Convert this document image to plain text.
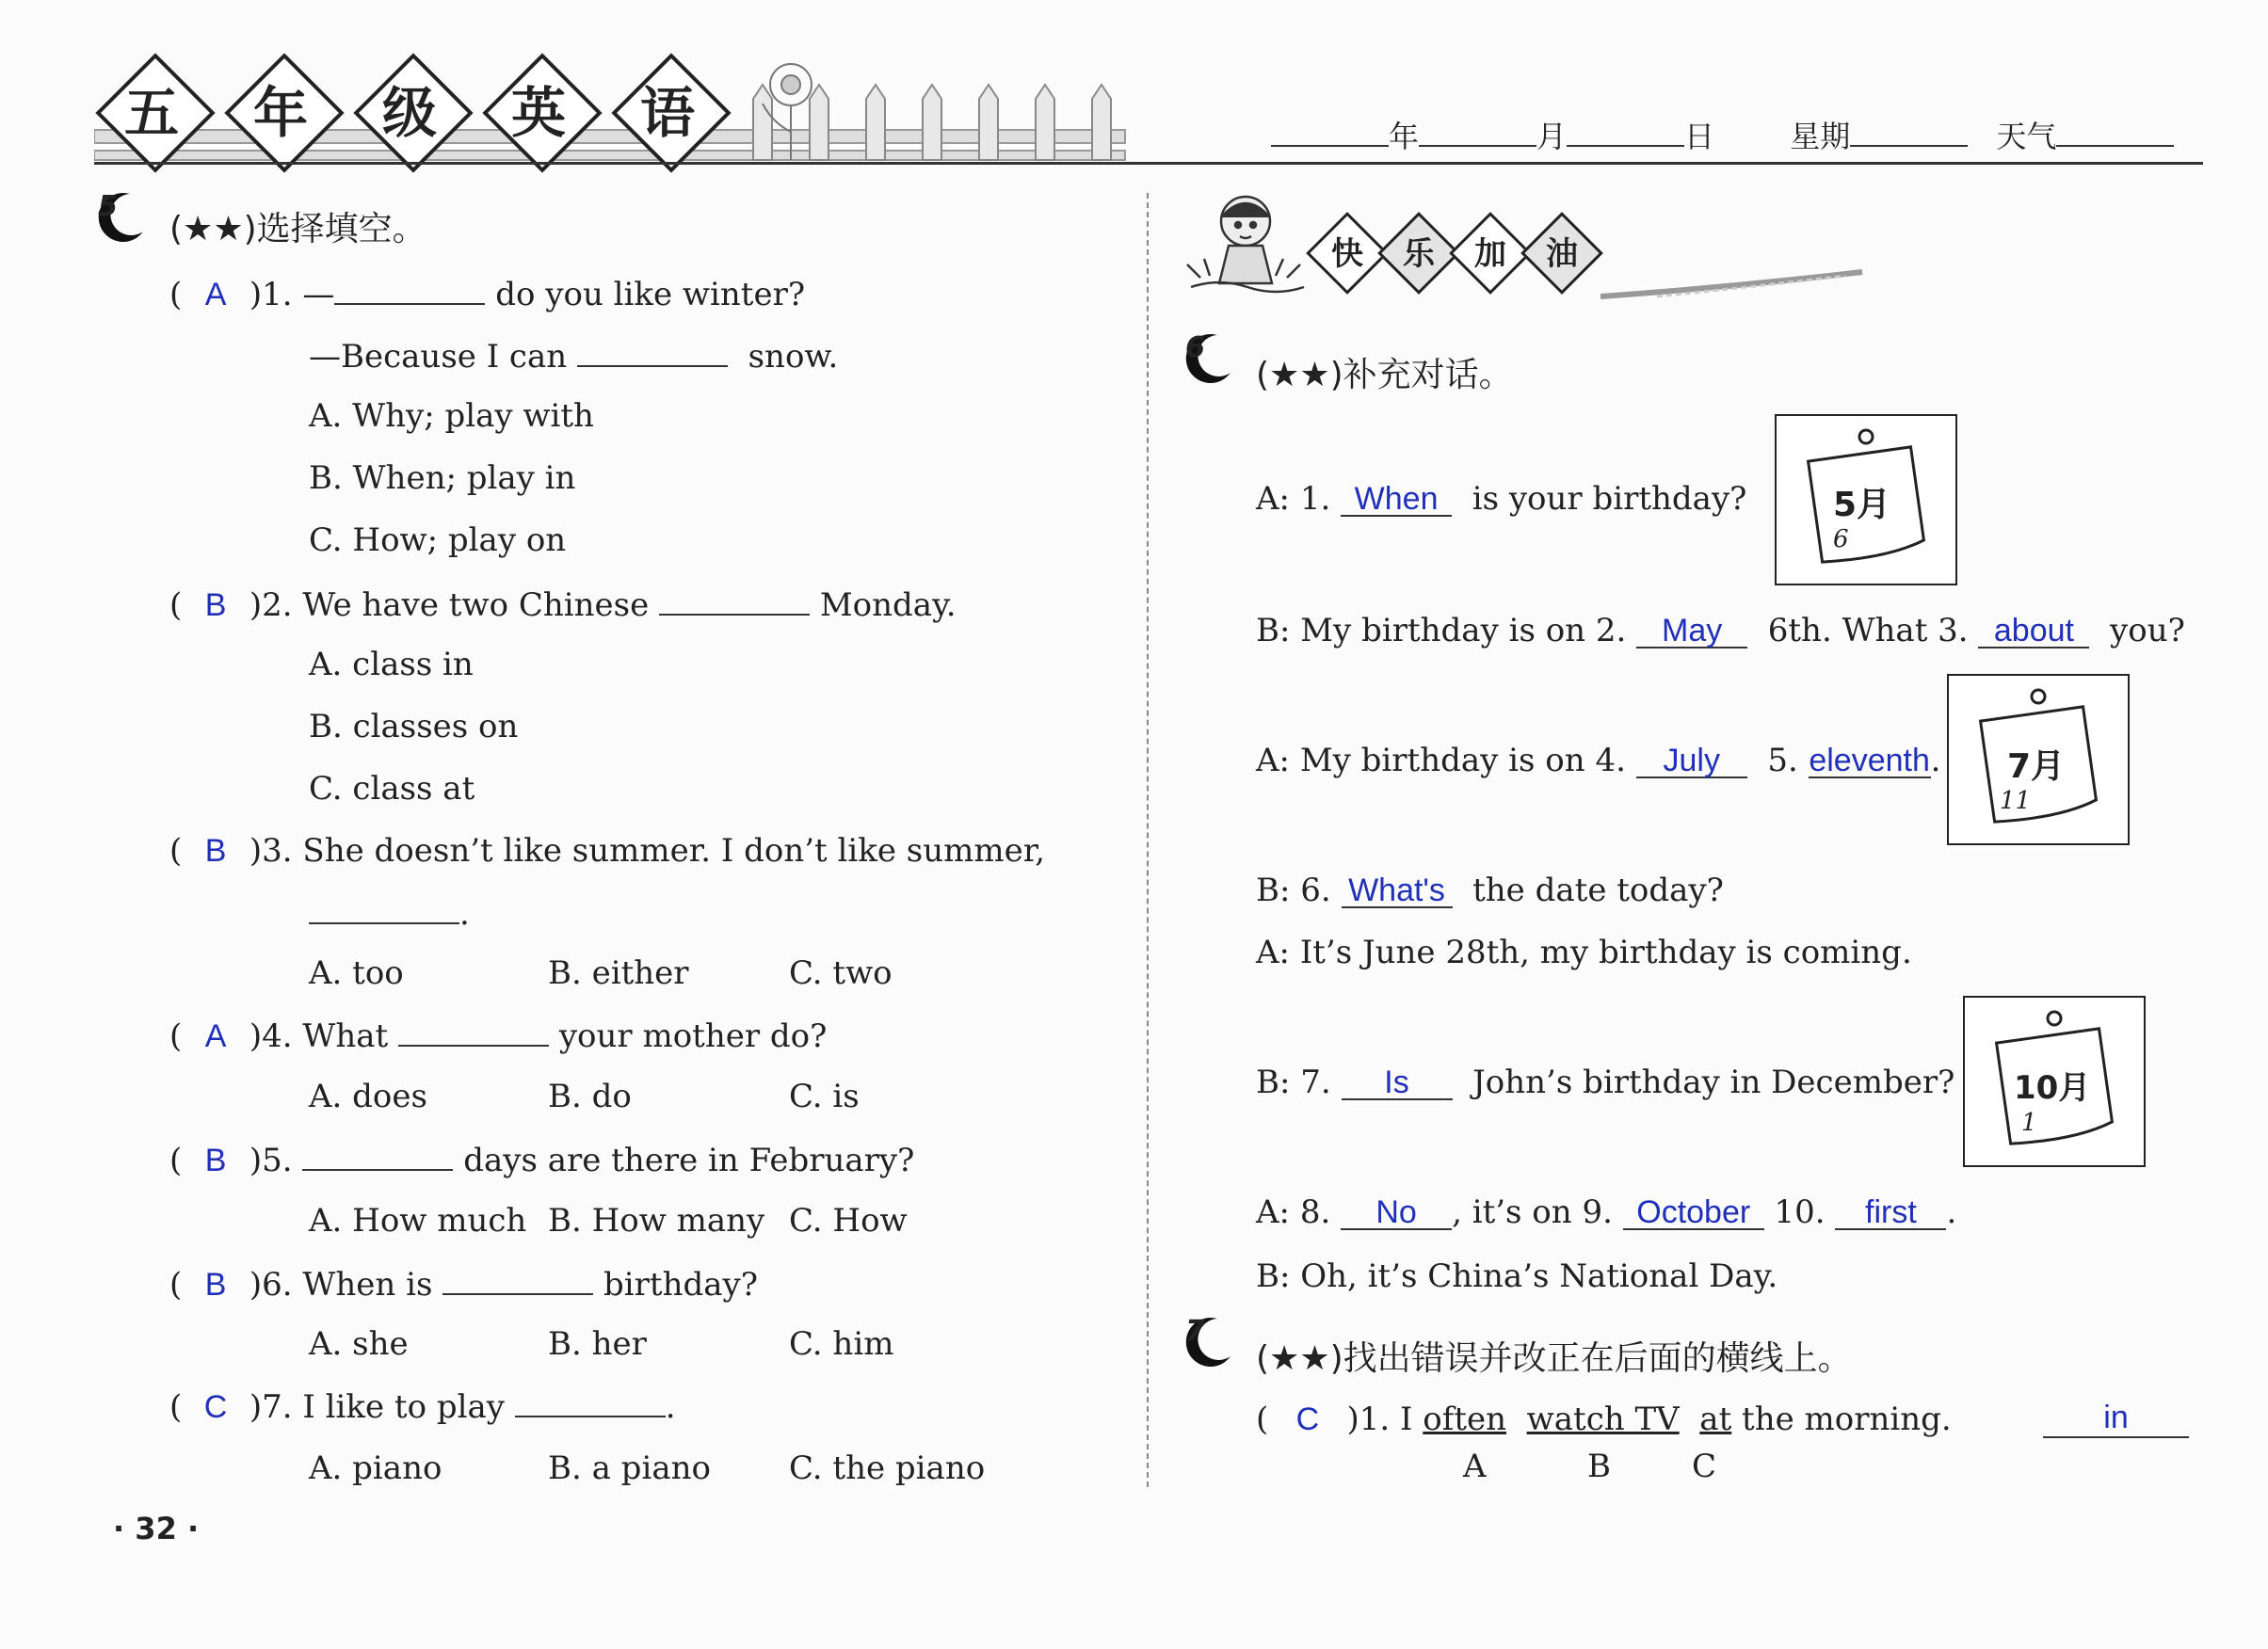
五	年	级	英	语	年	月	日	星期	天气
5
(★★)选择填空。
( A )1. —	do you like winter?
—Because I can	snow.
A. Why; play with
B. When; play in
C. How; play on
( B )2. We have two Chinese	Monday.
A. class in
B. classes on
C. class at
( B )3. She doesn’t like summer. I don’t like summer,
.
A. too	B. either	C. two
( A )4. What	your mother do?
A. does	B. do	C. is
( B )5.	days are there in February?
A. How much B. How many C. How
( B )6. When is	birthday?
A. she	B. her	C. him
( C )7. I like to play	.
A. piano	B. a piano C. the piano
· 32 ·
快	乐	加	油
6
(★★)补充对话。
A: 1. When is your birthday?
B: My birthday is on 2. May 6th. What 3. about you?
A: My birthday is on 4. July 5. eleventh.
B: 6. What's the date today?
A: It’s June 28th, my birthday is coming.
B: 7. Is John’s birthday in December?
A: 8. No , it’s on 9. October 10. first .
B: Oh, it’s China’s National Day.
5月
6
7月
11
10月
1
7
(★★)找出错误并改正在后面的横线上。
( C )1. I often watch TV at the morning.	in
A	B	C
